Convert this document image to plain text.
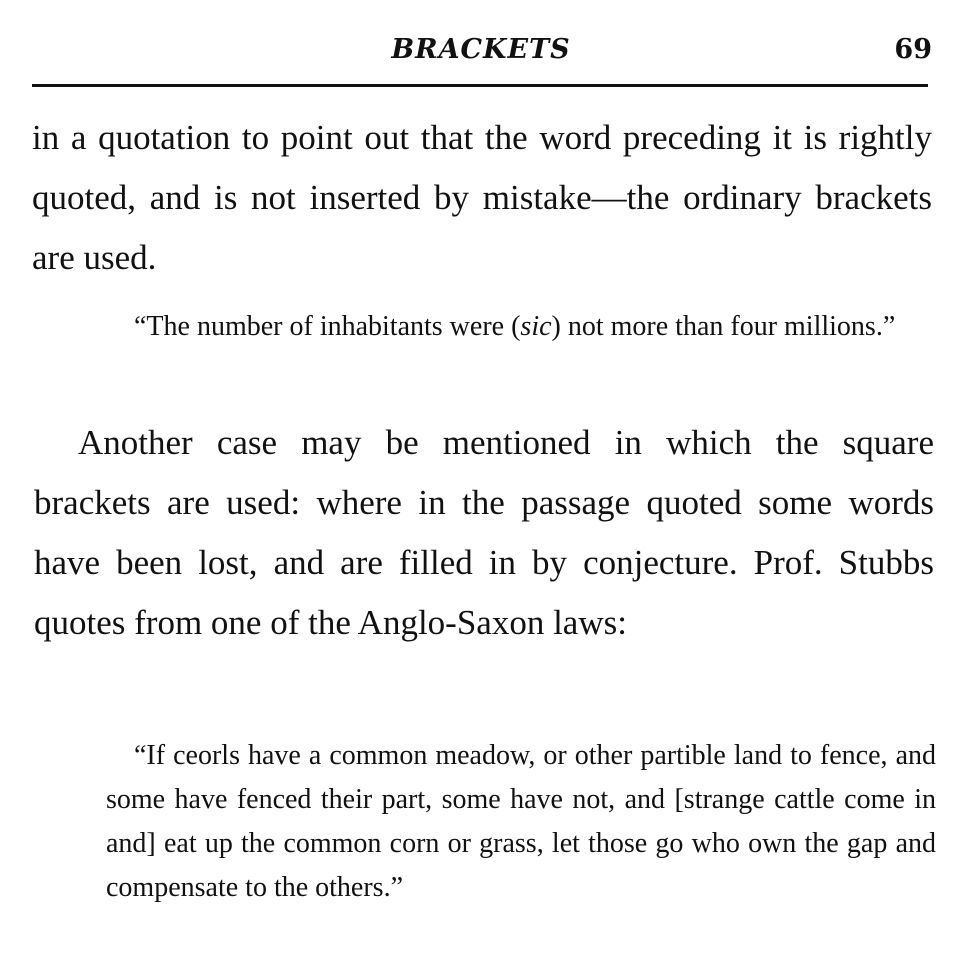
BRACKETS	69

in a quotation to point out that the word preceding it is rightly quoted, and is not inserted by mistake—the ordinary brackets are used.

“The number of inhabitants were (sic) not more than four millions.”

Another case may be mentioned in which the square brackets are used: where in the passage quoted some words have been lost, and are filled in by conjecture. Prof. Stubbs quotes from one of the Anglo-Saxon laws:

“If ceorls have a common meadow, or other partible land to fence, and some have fenced their part, some have not, and [strange cattle come in and] eat up the common corn or grass, let those go who own the gap and compensate to the others.”
